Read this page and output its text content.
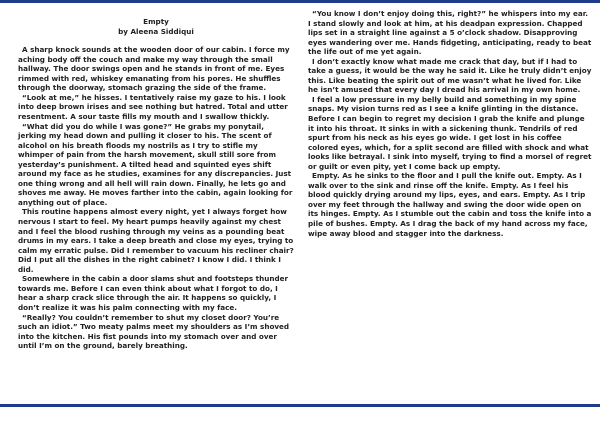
Empty
by Aleena Siddiqui

A sharp knock sounds at the wooden door of our cabin. I force my aching body off the couch and make my way through the small hallway. The door swings open and he stands in front of me. Eyes rimmed with red, whiskey emanating from his pores. He shuffles through the doorway, stomach grazing the side of the frame.

“Look at me,” he hisses. I tentatively raise my gaze to his. I look into deep brown irises and see nothing but hatred. Total and utter resentment. A sour taste fills my mouth and I swallow thickly.

“What did you do while I was gone?” He grabs my ponytail, jerking my head down and pulling it closer to his. The scent of alcohol on his breath floods my nostrils as I try to stifle my whimper of pain from the harsh movement, skull still sore from yesterday’s punishment. A tilted head and squinted eyes shift around my face as he studies, examines for any discrepancies. Just one thing wrong and all hell will rain down. Finally, he lets go and shoves me away. He moves farther into the cabin, again looking for anything out of place.

This routine happens almost every night, yet I always forget how nervous I start to feel. My heart pumps heavily against my chest and I feel the blood rushing through my veins as a pounding beat drums in my ears. I take a deep breath and close my eyes, trying to calm my erratic pulse. Did I remember to vacuum his recliner chair? Did I put all the dishes in the right cabinet? I know I did. I think I did.

Somewhere in the cabin a door slams shut and footsteps thunder towards me. Before I can even think about what I forgot to do, I hear a sharp crack slice through the air. It happens so quickly, I don’t realize it was his palm connecting with my face.

“Really? You couldn’t remember to shut my closet door? You’re such an idiot.” Two meaty palms meet my shoulders as I’m shoved into the kitchen. His fist pounds into my stomach over and over until I’m on the ground, barely breathing.

“You know I don’t enjoy doing this, right?” he whispers into my ear. I stand slowly and look at him, at his deadpan expression. Chapped lips set in a straight line against a 5 o’clock shadow. Disapproving eyes wandering over me. Hands fidgeting, anticipating, ready to beat the life out of me yet again.

I don’t exactly know what made me crack that day, but if I had to take a guess, it would be the way he said it. Like he truly didn’t enjoy this. Like beating the spirit out of me wasn’t what he lived for. Like he isn’t amused that every day I dread his arrival in my own home.

I feel a low pressure in my belly build and something in my spine snaps. My vision turns red as I see a knife glinting in the distance. Before I can begin to regret my decision I grab the knife and plunge it into his throat. It sinks in with a sickening thunk. Tendrils of red spurt from his neck as his eyes go wide. I get lost in his coffee colored eyes, which, for a split second are filled with shock and what looks like betrayal. I sink into myself, trying to find a morsel of regret or guilt or even pity, yet I come back up empty.

Empty. As he sinks to the floor and I pull the knife out. Empty. As I walk over to the sink and rinse off the knife. Empty. As I feel his blood quickly drying around my lips, eyes, and ears. Empty. As I trip over my feet through the hallway and swing the door wide open on its hinges. Empty. As I stumble out the cabin and toss the knife into a pile of bushes. Empty. As I drag the back of my hand across my face, wipe away blood and stagger into the darkness.
